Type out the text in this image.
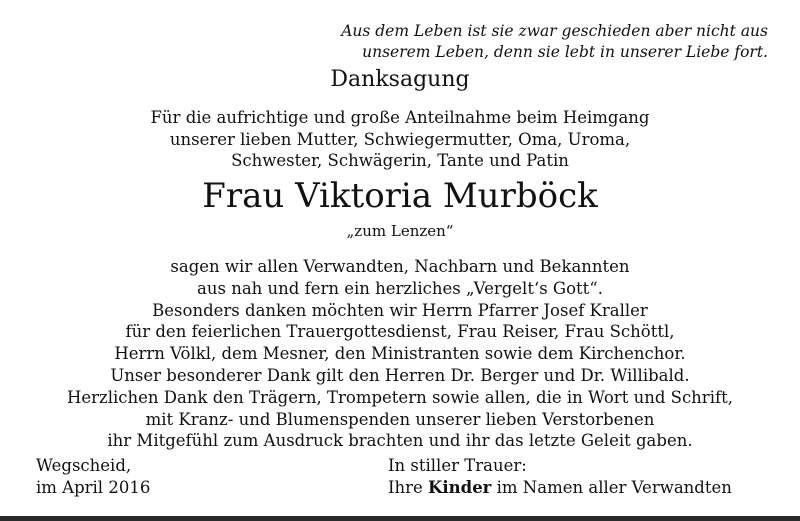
Aus dem Leben ist sie zwar geschieden aber nicht aus
unserem Leben, denn sie lebt in unserer Liebe fort.
Danksagung
Für die aufrichtige und große Anteilnahme beim Heimgang
unserer lieben Mutter, Schwiegermutter, Oma, Uroma,
Schwester, Schwägerin, Tante und Patin
Frau Viktoria Murböck
„zum Lenzen“
sagen wir allen Verwandten, Nachbarn und Bekannten
aus nah und fern ein herzliches „Vergelt‘s Gott“.
Besonders danken möchten wir Herrn Pfarrer Josef Kraller
für den feierlichen Trauergottesdienst, Frau Reiser, Frau Schöttl,
Herrn Völkl, dem Mesner, den Ministranten sowie dem Kirchenchor.
Unser besonderer Dank gilt den Herren Dr. Berger und Dr. Willibald.
Herzlichen Dank den Trägern, Trompetern sowie allen, die in Wort und Schrift,
mit Kranz- und Blumenspenden unserer lieben Verstorbenen
ihr Mitgefühl zum Ausdruck brachten und ihr das letzte Geleit gaben.
Wegscheid,
im April 2016
In stiller Trauer:
Ihre Kinder im Namen aller Verwandten
